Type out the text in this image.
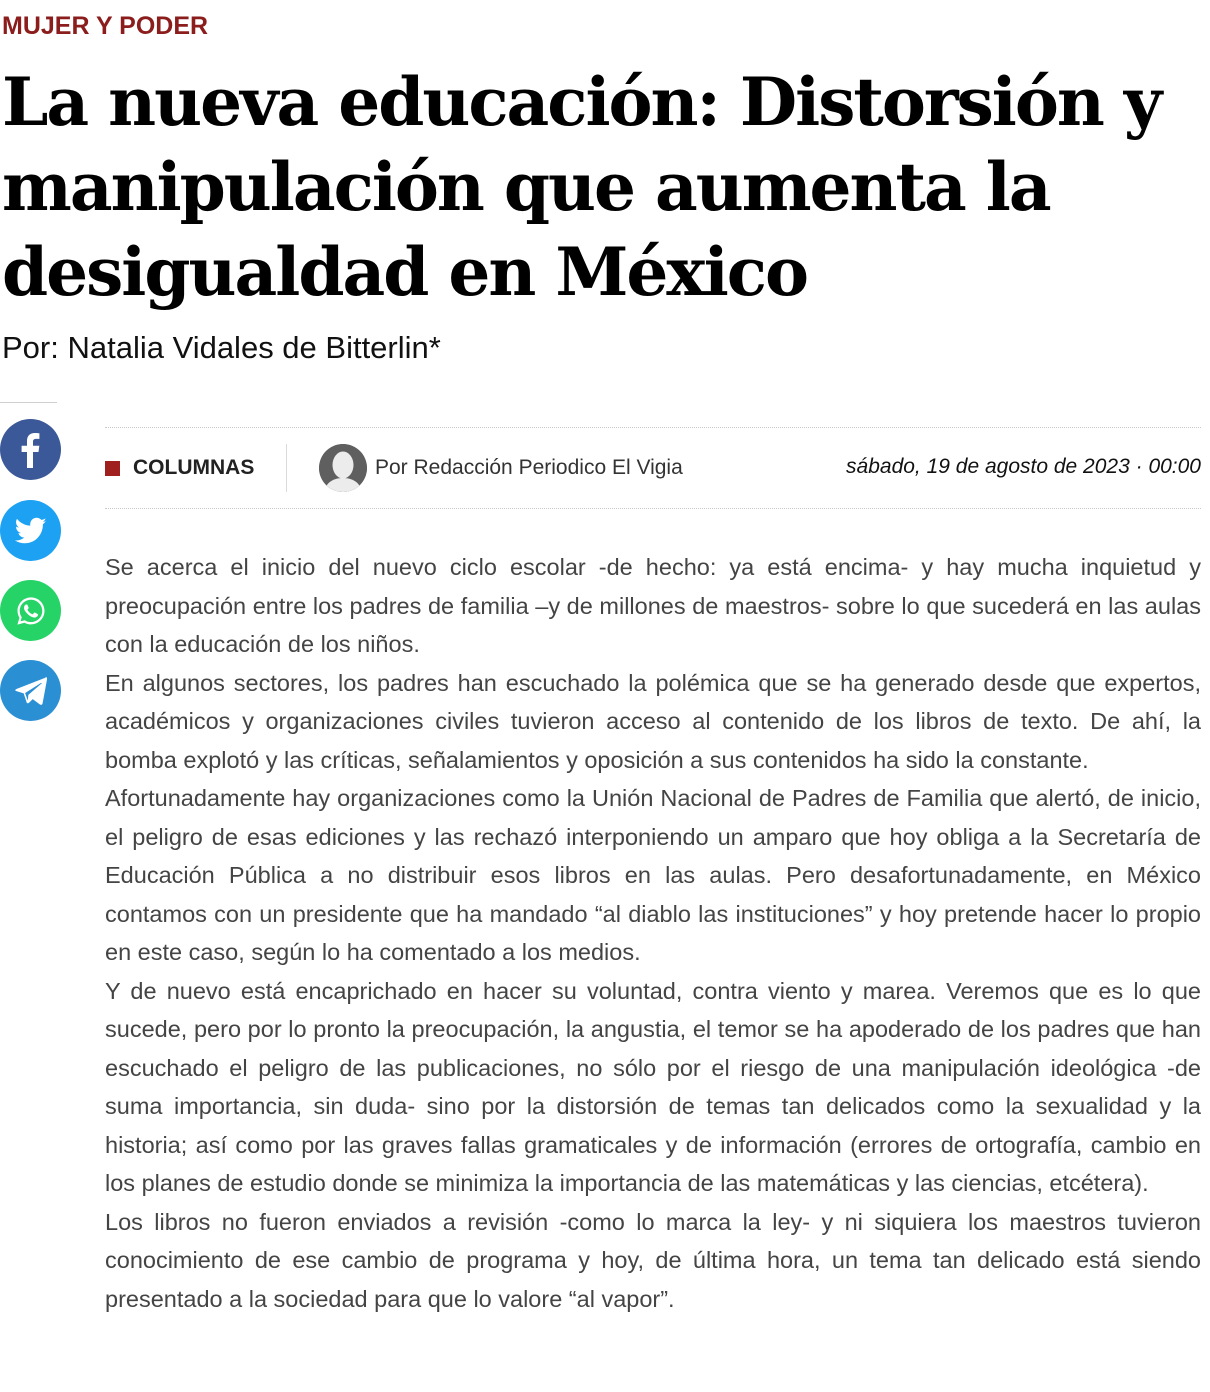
MUJER Y PODER
La nueva educación: Distorsión y manipulación que aumenta la desigualdad en México
Por: Natalia Vidales de Bitterlin*
COLUMNAS	Por Redacción Periodico El Vigia	sábado, 19 de agosto de 2023 · 00:00

Se acerca el inicio del nuevo ciclo escolar -de hecho: ya está encima- y hay mucha inquietud y preocupación entre los padres de familia –y de millones de maestros- sobre lo que sucederá en las aulas con la educación de los niños.

En algunos sectores, los padres han escuchado la polémica que se ha generado desde que expertos, académicos y organizaciones civiles tuvieron acceso al contenido de los libros de texto. De ahí, la bomba explotó y las críticas, señalamientos y oposición a sus contenidos ha sido la constante.

Afortunadamente hay organizaciones como la Unión Nacional de Padres de Familia que alertó, de inicio, el peligro de esas ediciones y las rechazó interponiendo un amparo que hoy obliga a la Secretaría de Educación Pública a no distribuir esos libros en las aulas. Pero desafortunadamente, en México contamos con un presidente que ha mandado “al diablo las instituciones” y hoy pretende hacer lo propio en este caso, según lo ha comentado a los medios.

Y de nuevo está encaprichado en hacer su voluntad, contra viento y marea. Veremos que es lo que sucede, pero por lo pronto la preocupación, la angustia, el temor se ha apoderado de los padres que han escuchado el peligro de las publicaciones, no sólo por el riesgo de una manipulación ideológica -de suma importancia, sin duda- sino por la distorsión de temas tan delicados como la sexualidad y la historia; así como por las graves fallas gramaticales y de información (errores de ortografía, cambio en los planes de estudio donde se minimiza la importancia de las matemáticas y las ciencias, etcétera).

Los libros no fueron enviados a revisión -como lo marca la ley- y ni siquiera los maestros tuvieron conocimiento de ese cambio de programa y hoy, de última hora, un tema tan delicado está siendo presentado a la sociedad para que lo valore “al vapor”.
